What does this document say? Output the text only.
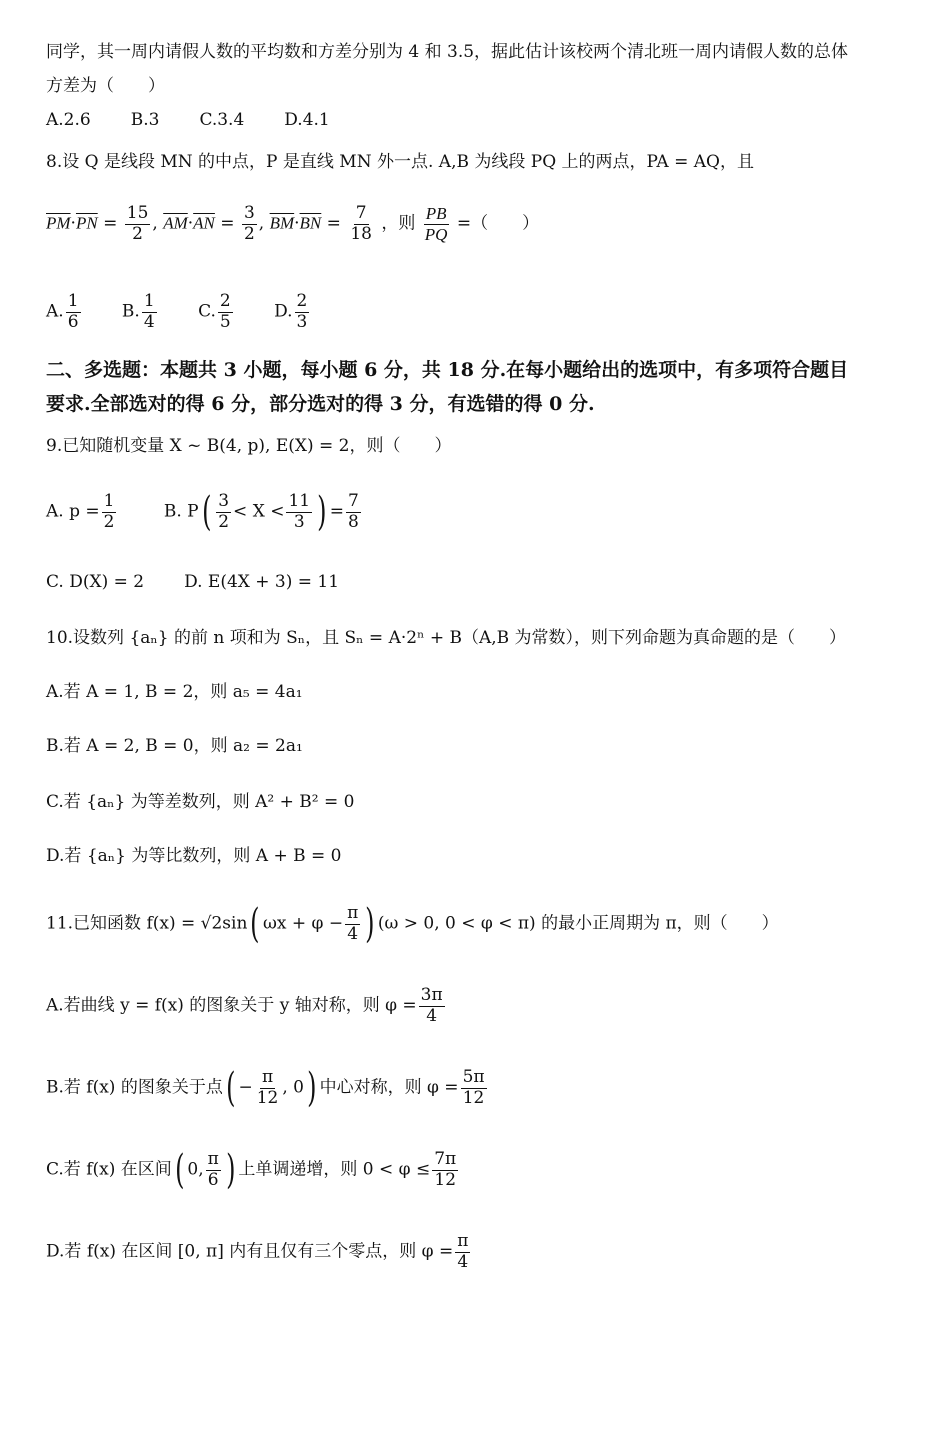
同学，其一周内请假人数的平均数和方差分别为 4 和 3.5，据此估计该校两个清北班一周内请假人数的总体
方差为（　　）
A.2.6 B.3 C.3.4 D.4.1
8.设 Q 是线段 MN 的中点，P 是直线 MN 外一点. A,B 为线段 PQ 上的两点，PA = AQ，且
$\overline{PM}\cdot\overline{PN} = \frac{15}{2}$ , $\overline{AM}\cdot\overline{AN} = \frac{3}{2}$ , $\overline{BM}\cdot\overline{BN} = \frac{7}{18}$ ，则 $\frac{PB}{PQ}$ =（　　）
A. $\frac{1}{6} B$. $\frac{1}{4} C$. $\frac{2}{5} D$. $\frac{2}{3}$
二、多选题：本题共 3 小题，每小题 6 分，共 18 分.在每小题给出的选项中，有多项符合题目
要求.全部选对的得 6 分，部分选对的得 3 分，有选错的得 0 分.
9.已知随机变量 X ~ B(4, p), E(X) = 2，则（　　）
A. $p = \frac{1}{2}$	B. $P( \frac{3}{2} < X < \frac{11}{3}$ ) = $\frac{7}{8}$
C. D(X) = 2 D. E(4X + 3) = 11
10.设数列 {aₙ} 的前 n 项和为 Sₙ，且 Sₙ = A·2ⁿ + B（A,B 为常数），则下列命题为真命题的是（　　）
A.若 A = 1, B = 2，则 a₅ = 4a₁
B.若 A = 2, B = 0，则 a₂ = 2a₁
C.若 {aₙ} 为等差数列，则 A² + B² = 0
D.若 {aₙ} 为等比数列，则 A + B = 0
11.已知函数 f(x) = √2sin( $\omega x + \varphi - \frac{\pi}{4}$ ) (ω > 0, 0 < φ < π) 的最小正周期为 π，则（　　）
A.若曲线 y = f(x) 的图象关于 y 轴对称，则 $\varphi = \frac{3\pi}{4}$
B.若 f(x) 的图象关于点( − $\frac{\pi}{12}$ , 0) 中心对称，则 $\varphi = \frac{5\pi}{12}$
C.若 f(x) 在区间( 0, $\frac{\pi}{6}$ ) 上单调递增，则 $0 < \varphi \le \frac{7\pi}{12}$
D.若 f(x) 在区间 [0, π] 内有且仅有三个零点，则 $\varphi = \frac{\pi}{4}$
